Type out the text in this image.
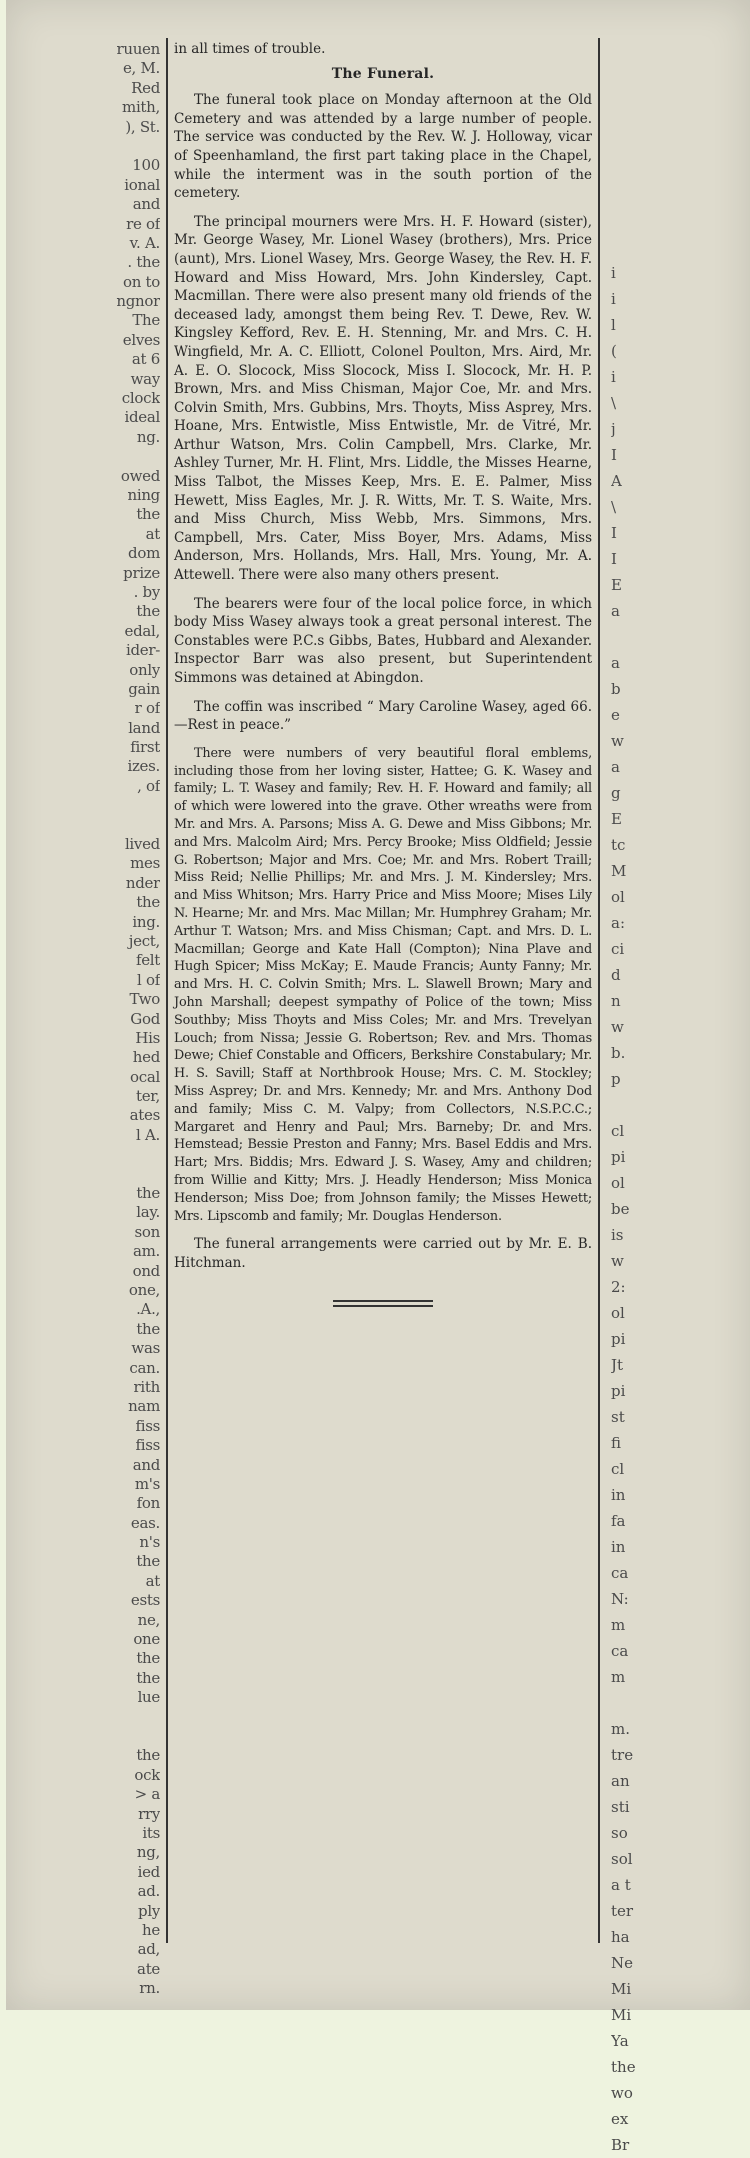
ruuen
e, M.
Red
mith,
), St.
100
ional
and
re of
v. A.
. the
on to
ngnor
The
elves
at 6
way
clock
ideal
ng.
owed
ning
the
at
dom
prize
. by
the
edal,
ider-
only
gain
r of
land
first
izes.
, of
lived
mes
nder
the
ing.
ject,
felt
l of
Two
God
His
hed
ocal
ter,
ates
l A.
the
lay.
son
am.
ond
one,
.A.,
the
was
can.
rith
nam
fiss
fiss
and
m's
fon
eas.
n's
the
at
ests
ne,
one
the
the
lue
the
ock
> a
rry
its
ng,
ied
ad.
ply
he
ad,
ate
rn.

in all times of trouble.

The Funeral.

The funeral took place on Monday afternoon at the Old Cemetery and was attended by a large number of people. The service was conducted by the Rev. W. J. Holloway, vicar of Speenhamland, the first part taking place in the Chapel, while the interment was in the south portion of the cemetery.

The principal mourners were Mrs. H. F. Howard (sister), Mr. George Wasey, Mr. Lionel Wasey (brothers), Mrs. Price (aunt), Mrs. Lionel Wasey, Mrs. George Wasey, the Rev. H. F. Howard and Miss Howard, Mrs. John Kindersley, Capt. Macmillan. There were also present many old friends of the deceased lady, amongst them being Rev. T. Dewe, Rev. W. Kingsley Kefford, Rev. E. H. Stenning, Mr. and Mrs. C. H. Wingfield, Mr. A. C. Elliott, Colonel Poulton, Mrs. Aird, Mr. A. E. O. Slocock, Miss Slocock, Miss I. Slocock, Mr. H. P. Brown, Mrs. and Miss Chisman, Major Coe, Mr. and Mrs. Colvin Smith, Mrs. Gubbins, Mrs. Thoyts, Miss Asprey, Mrs. Hoane, Mrs. Entwistle, Miss Entwistle, Mr. de Vitré, Mr. Arthur Watson, Mrs. Colin Campbell, Mrs. Clarke, Mr. Ashley Turner, Mr. H. Flint, Mrs. Liddle, the Misses Hearne, Miss Talbot, the Misses Keep, Mrs. E. E. Palmer, Miss Hewett, Miss Eagles, Mr. J. R. Witts, Mr. T. S. Waite, Mrs. and Miss Church, Miss Webb, Mrs. Simmons, Mrs. Campbell, Mrs. Cater, Miss Boyer, Mrs. Adams, Miss Anderson, Mrs. Hollands, Mrs. Hall, Mrs. Young, Mr. A. Attewell. There were also many others present.

The bearers were four of the local police force, in which body Miss Wasey always took a great personal interest. The Constables were P.C.s Gibbs, Bates, Hubbard and Alexander. Inspector Barr was also present, but Superintendent Simmons was detained at Abingdon.

The coffin was inscribed “ Mary Caroline Wasey, aged 66.—Rest in peace.”

There were numbers of very beautiful floral emblems, including those from her loving sister, Hattee; G. K. Wasey and family; L. T. Wasey and family; Rev. H. F. Howard and family; all of which were lowered into the grave. Other wreaths were from Mr. and Mrs. A. Parsons; Miss A. G. Dewe and Miss Gibbons; Mr. and Mrs. Malcolm Aird; Mrs. Percy Brooke; Miss Oldfield; Jessie G. Robertson; Major and Mrs. Coe; Mr. and Mrs. Robert Traill; Miss Reid; Nellie Phillips; Mr. and Mrs. J. M. Kindersley; Mrs. and Miss Whitson; Mrs. Harry Price and Miss Moore; Mises Lily N. Hearne; Mr. and Mrs. Mac Millan; Mr. Humphrey Graham; Mr. Arthur T. Watson; Mrs. and Miss Chisman; Capt. and Mrs. D. L. Macmillan; George and Kate Hall (Compton); Nina Plave and Hugh Spicer; Miss McKay; E. Maude Francis; Aunty Fanny; Mr. and Mrs. H. C. Colvin Smith; Mrs. L. Slawell Brown; Mary and John Marshall; deepest sympathy of Police of the town; Miss Southby; Miss Thoyts and Miss Coles; Mr. and Mrs. Trevelyan Louch; from Nissa; Jessie G. Robertson; Rev. and Mrs. Thomas Dewe; Chief Constable and Officers, Berkshire Constabulary; Mr. H. S. Savill; Staff at Northbrook House; Mrs. C. M. Stockley; Miss Asprey; Dr. and Mrs. Kennedy; Mr. and Mrs. Anthony Dod and family; Miss C. M. Valpy; from Collectors, N.S.P.C.C.; Margaret and Henry and Paul; Mrs. Barneby; Dr. and Mrs. Hemstead; Bessie Preston and Fanny; Mrs. Basel Eddis and Mrs. Hart; Mrs. Biddis; Mrs. Edward J. S. Wasey, Amy and children; from Willie and Kitty; Mrs. J. Headly Henderson; Miss Monica Henderson; Miss Doe; from Johnson family; the Misses Hewett; Mrs. Lipscomb and family; Mr. Douglas Henderson.

The funeral arrangements were carried out by Mr. E. B. Hitchman.

i
i
l
(
i
\
j
I
A
\
I
I
E
a
a
b
e
w
a
g
E
tc
M
ol
a:
ci
d
n
w
b.
p
cl
pi
ol
be
is
w
2:
ol
pi
Jt
pi
st
fi
cl
in
fa
in
ca
N:
m
ca
m
m.
tre
an
sti
so
sol
a t
ter
ha
Ne
Mi
Mi
Ya
the
wo
ex
Br
